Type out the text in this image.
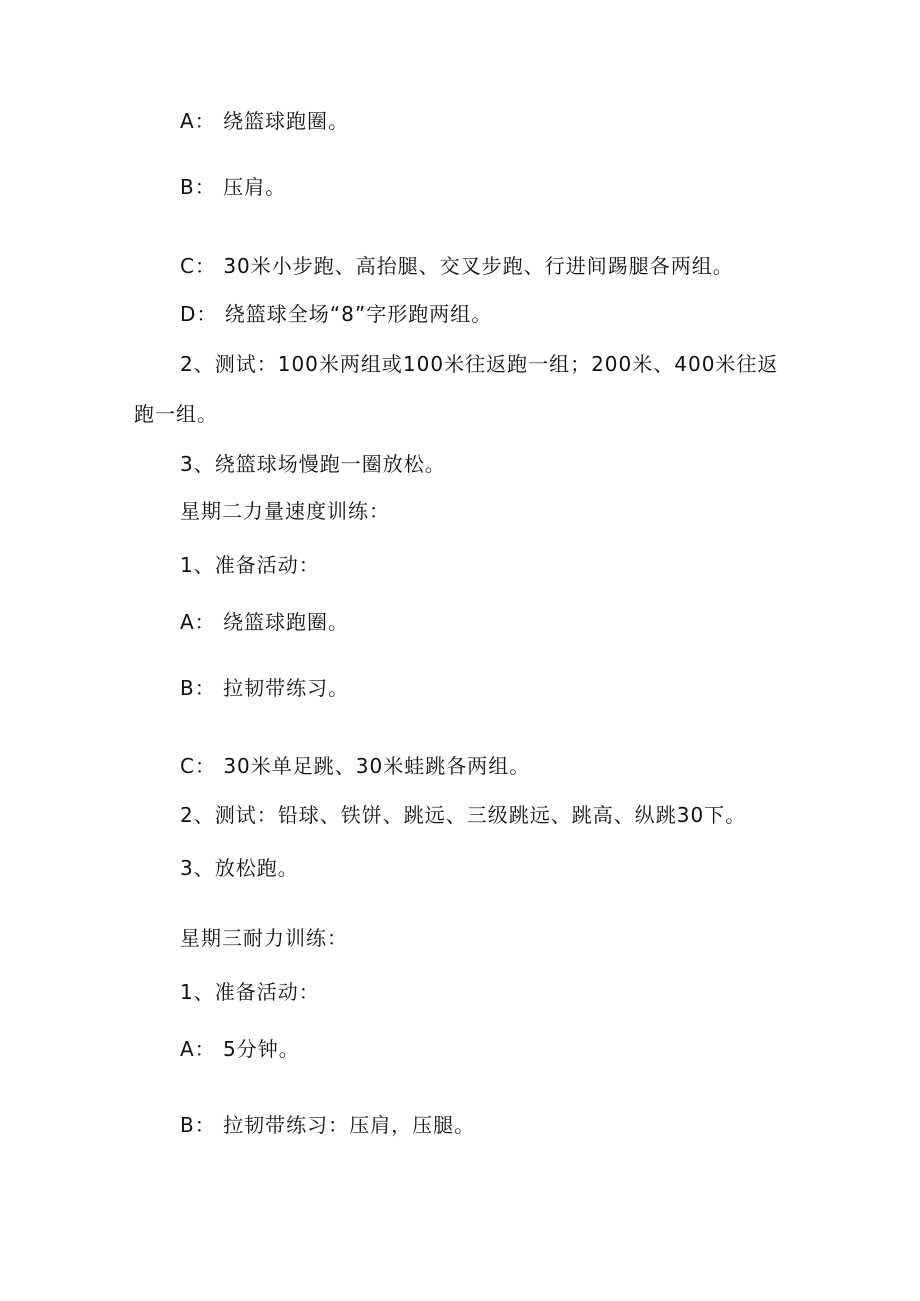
A： 绕篮球跑圈。
B： 压肩。
C： 30米小步跑、高抬腿、交叉步跑、行进间踢腿各两组。
D： 绕篮球全场“8”字形跑两组。
2、测试：100米两组或100米往返跑一组；200米、400米往返
跑一组。
3、绕篮球场慢跑一圈放松。
星期二力量速度训练：
1、准备活动：
A： 绕篮球跑圈。
B： 拉韧带练习。
C： 30米单足跳、30米蛙跳各两组。
2、测试：铅球、铁饼、跳远、三级跳远、跳高、纵跳30下。
3、放松跑。
星期三耐力训练：
1、准备活动：
A： 5分钟。
B： 拉韧带练习：压肩，压腿。
